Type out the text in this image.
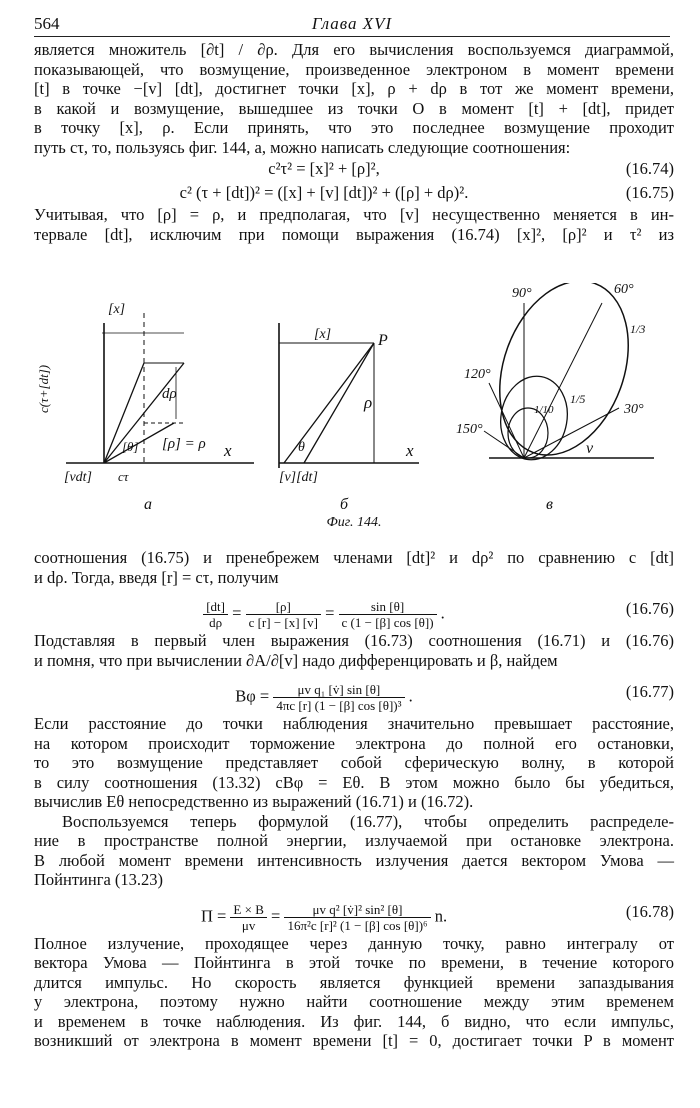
564	Глава XVI

является множитель [∂t] / ∂ρ. Для его вычисления воспользуемся диаграммой,

показывающей, что возмущение, произведенное электроном в момент времени

[t] в точке −[v] [dt], достигнет точки [x], ρ + dρ в тот же момент времени,

в какой и возмущение, вышедшее из точки O в момент [t] + [dt], придет

в точку [x], ρ. Если принять, что это последнее возмущение проходит

путь cτ, то, пользуясь фиг. 144, a, можно написать следующие соотношения:

c²τ² = [x]² + [ρ]²,	(16.74)
c² (τ + [dt])² = ([x] + [v] [dt])² + ([ρ] + dρ)².	(16.75)

Учитывая, что [ρ] = ρ, и предполагая, что [v] несущественно меняется в ин-

тервале [dt], исключим при помощи выражения (16.74) [x]², [ρ]² и τ² из

[x]
c(τ+[dt])	dρ
[θ] [ρ] = ρ x
cτ
[vdt]
a
[x]	P
ρ
θ	x
[v][dt]
б
90°	60°
120°
150°
30°
1/3
1/5
1/10
v
в
Фиг. 144.

соотношения (16.75) и пренебрежем членами [dt]² и dρ² по сравнению с [dt]

и dρ. Тогда, введя [r] = cτ, получим

$\frac{[dt]}{d\rho} = \frac{[\rho]}{c [r] - [x] [v]} = \frac{\sin [\theta]}{c (1 - [\beta] \cos [\theta])}$ .	(16.76)

Подставляя в первый член выражения (16.73) соотношения (16.71) и (16.76)

и помня, что при вычислении ∂A/∂[v] надо дифференцировать и β, найдем

$B\varphi = \frac{\text{μv q₁ [v̇] sin [θ]}}{\text{4πc [r] (1 − [β] cos [θ])³}}$ .	(16.77)

Если расстояние до точки наблюдения значительно превышает расстояние,

на котором происходит торможение электрона до полной его остановки,

то это возмущение представляет собой сферическую волну, в которой

в силу соотношения (13.32) cBφ = Eθ. В этом можно было бы убедиться,

вычислив Eθ непосредственно из выражений (16.71) и (16.72).

Воспользуемся теперь формулой (16.77), чтобы определить распределе-

ние в пространстве полной энергии, излучаемой при остановке электрона.

В любой момент времени интенсивность излучения дается вектором Умова —

Пойнтинга (13.23)

$\Pi = \frac{E \times B}{\mu v} = \frac{\text{μv q² [v̇]² sin² [θ]}}{\text{16π²c [r]² (1 − [β] cos [θ])⁶}} n$.	(16.78)

Полное излучение, проходящее через данную точку, равно интегралу от

вектора Умова — Пойнтинга в этой точке по времени, в течение которого

длится импульс. Но скорость является функцией времени запаздывания

у электрона, поэтому нужно найти соотношение между этим временем

и временем в точке наблюдения. Из фиг. 144, б видно, что если импульс,

возникший от электрона в момент времени [t] = 0, достигает точки P в момент
